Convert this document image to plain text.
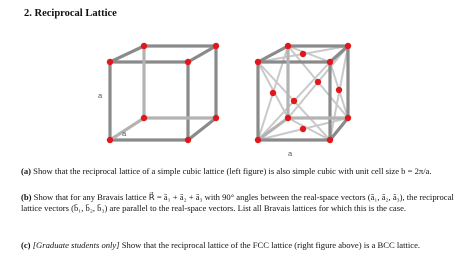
2. Reciprocal Lattice
a
a
a
(a) Show that the reciprocal lattice of a simple cubic lattice (left figure) is also simple cubic with unit cell size b = 2π/a.
(b) Show that for any Bravais lattice R⃗ = ā₁ + ā₂ + ā₃ with 90° angles between the real-space vectors (ā₁, ā₂, ā₃), the reciprocal lattice vectors (b̄₁, b̄₂, b̄₃) are parallel to the real-space vectors. List all Bravais lattices for which this is the case.
(c) [Graduate students only] Show that the reciprocal lattice of the FCC lattice (right figure above) is a BCC lattice.
